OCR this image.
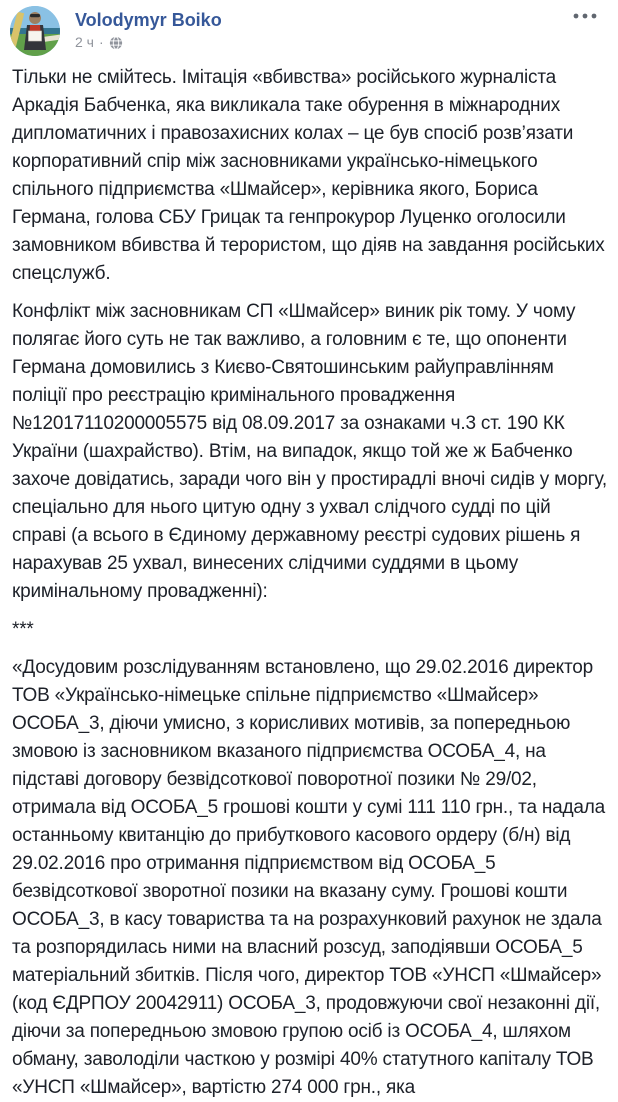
Volodymyr Boiko
2 ч ·

Тільки не смійтесь. Імітація «вбивства» російського журналіста Аркадія Бабченка, яка викликала таке обурення в міжнародних дипломатичних і правозахисних колах – це був спосіб розв’язати корпоративний спір між засновниками українсько-німецького спільного підприємства «Шмайсер», керівника якого, Бориса Германа, голова СБУ Грицак та генпрокурор Луценко оголосили замовником вбивства й терористом, що діяв на завдання російських спецслужб.

Конфлікт між засновникам СП «Шмайсер» виник рік тому. У чому полягає його суть не так важливо, а головним є те, що опоненти Германа домовились з Києво-Святошинським райуправлінням поліції про реєстрацію кримінального провадження №12017110200005575 від 08.09.2017 за ознаками ч.3 ст. 190 КК України (шахрайство). Втім, на випадок, якщо той же ж Бабченко захоче довідатись, заради чого він у простирадлі вночі сидів у моргу, спеціально для нього цитую одну з ухвал слідчого судді по цій справі (а всього в Єдиному державному реєстрі судових рішень я нарахував 25 ухвал, винесених слідчими суддями в цьому кримінальному провадженні):

***

«Досудовим розслідуванням встановлено, що 29.02.2016 директор ТОВ «Українсько-німецьке спільне підприємство «Шмайсер» ОСОБА_3, діючи умисно, з корисливих мотивів, за попередньою змовою із засновником вказаного підприємства ОСОБА_4, на підставі договору безвідсоткової поворотної позики № 29/02, отримала від ОСОБА_5 грошові кошти у сумі 111 110 грн., та надала останньому квитанцію до прибуткового касового ордеру (б/н) від 29.02.2016 про отримання підприємством від ОСОБА_5 безвідсоткової зворотної позики на вказану суму. Грошові кошти ОСОБА_3, в касу товариства та на розрахунковий рахунок не здала та розпорядилась ними на власний розсуд, заподіявши ОСОБА_5 матеріальний збитків. Після чого, директор ТОВ «УНСП «Шмайсер» (код ЄДРПОУ 20042911) ОСОБА_3, продовжуючи свої незаконні дії, діючи за попередньою змовою групою осіб із ОСОБА_4, шляхом обману, заволоділи часткою у розмірі 40% статутного капіталу ТОВ «УНСП «Шмайсер», вартістю 274 000 грн., яка
